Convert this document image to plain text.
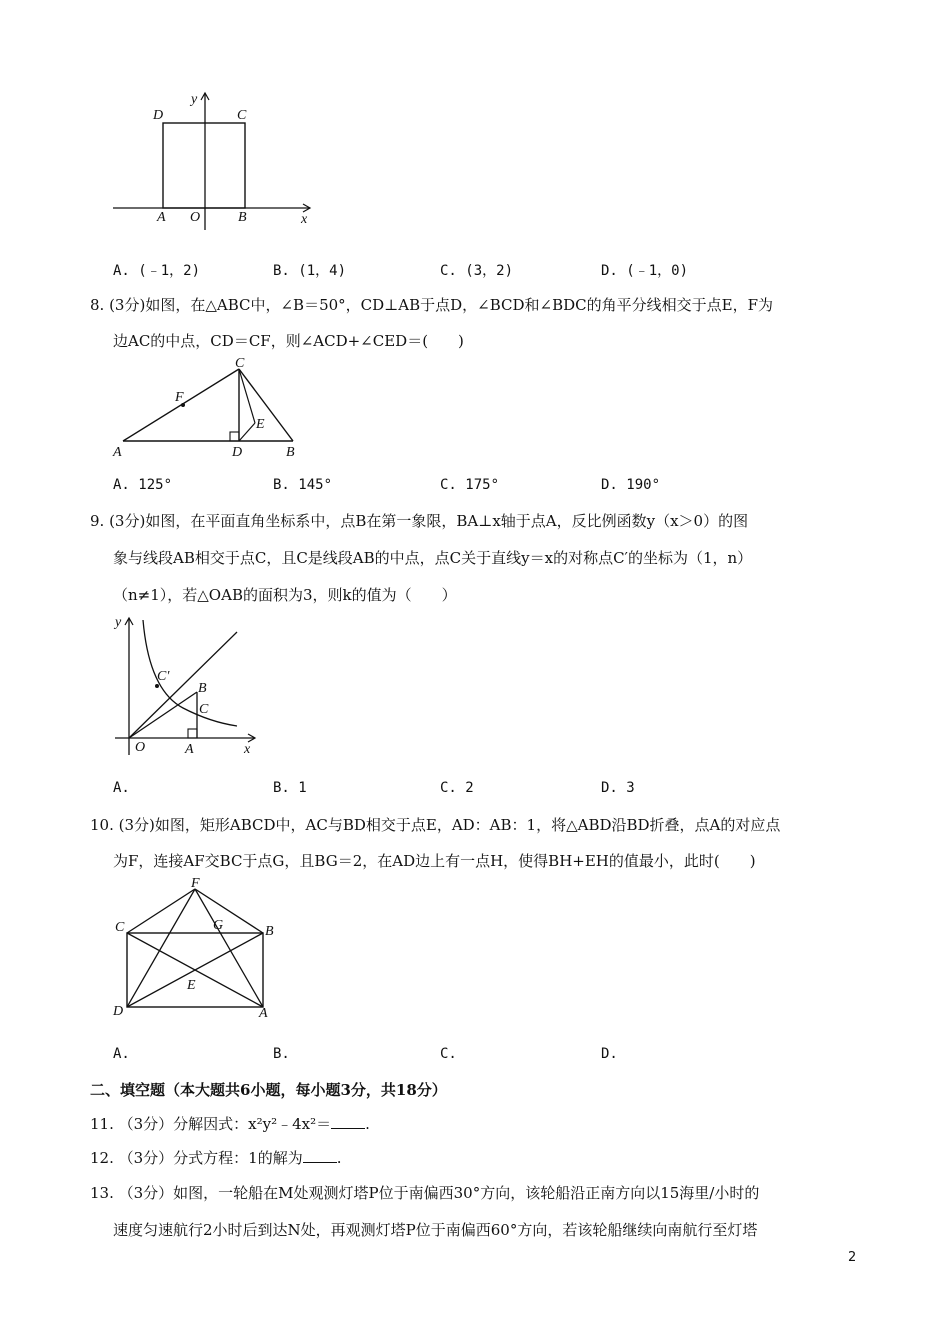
D	C
y
A O	B	x
A. (﹣1，2)	B. (1，4)	C. (3，2)	D. (﹣1，0)
8. (3分)如图，在△ABC中，∠B＝50°，CD⊥AB于点D，∠BCD和∠BDC的角平分线相交于点E，F为
边AC的中点，CD＝CF，则∠ACD+∠CED＝(　　)
C
F
E
A	D	B
A. 125°	B. 145°	C. 175°	D. 190°
9. (3分)如图，在平面直角坐标系中，点B在第一象限，BA⊥x轴于点A，反比例函数y（x＞0）的图
象与线段AB相交于点C，且C是线段AB的中点，点C关于直线y＝x的对称点C′的坐标为（1，n）
（n≠1），若△OAB的面积为3，则k的值为（　　）
y
C′
B
C
O	A	x
A.	B. 1	C. 2	D. 3
10. (3分)如图，矩形ABCD中，AC与BD相交于点E，AD：AB：1，将△ABD沿BD折叠，点A的对应点
为F，连接AF交BC于点G，且BG＝2，在AD边上有一点H，使得BH+EH的值最小，此时(　　)
F
C	G	B
E
D	A
A.	B.	C.	D.
二、填空题（本大题共6小题，每小题3分，共18分）
11. （3分）分解因式：x²y²﹣4x²＝ .
12. （3分）分式方程：1的解为 .
13. （3分）如图，一轮船在M处观测灯塔P位于南偏西30°方向，该轮船沿正南方向以15海里/小时的
速度匀速航行2小时后到达N处，再观测灯塔P位于南偏西60°方向，若该轮船继续向南航行至灯塔
2
